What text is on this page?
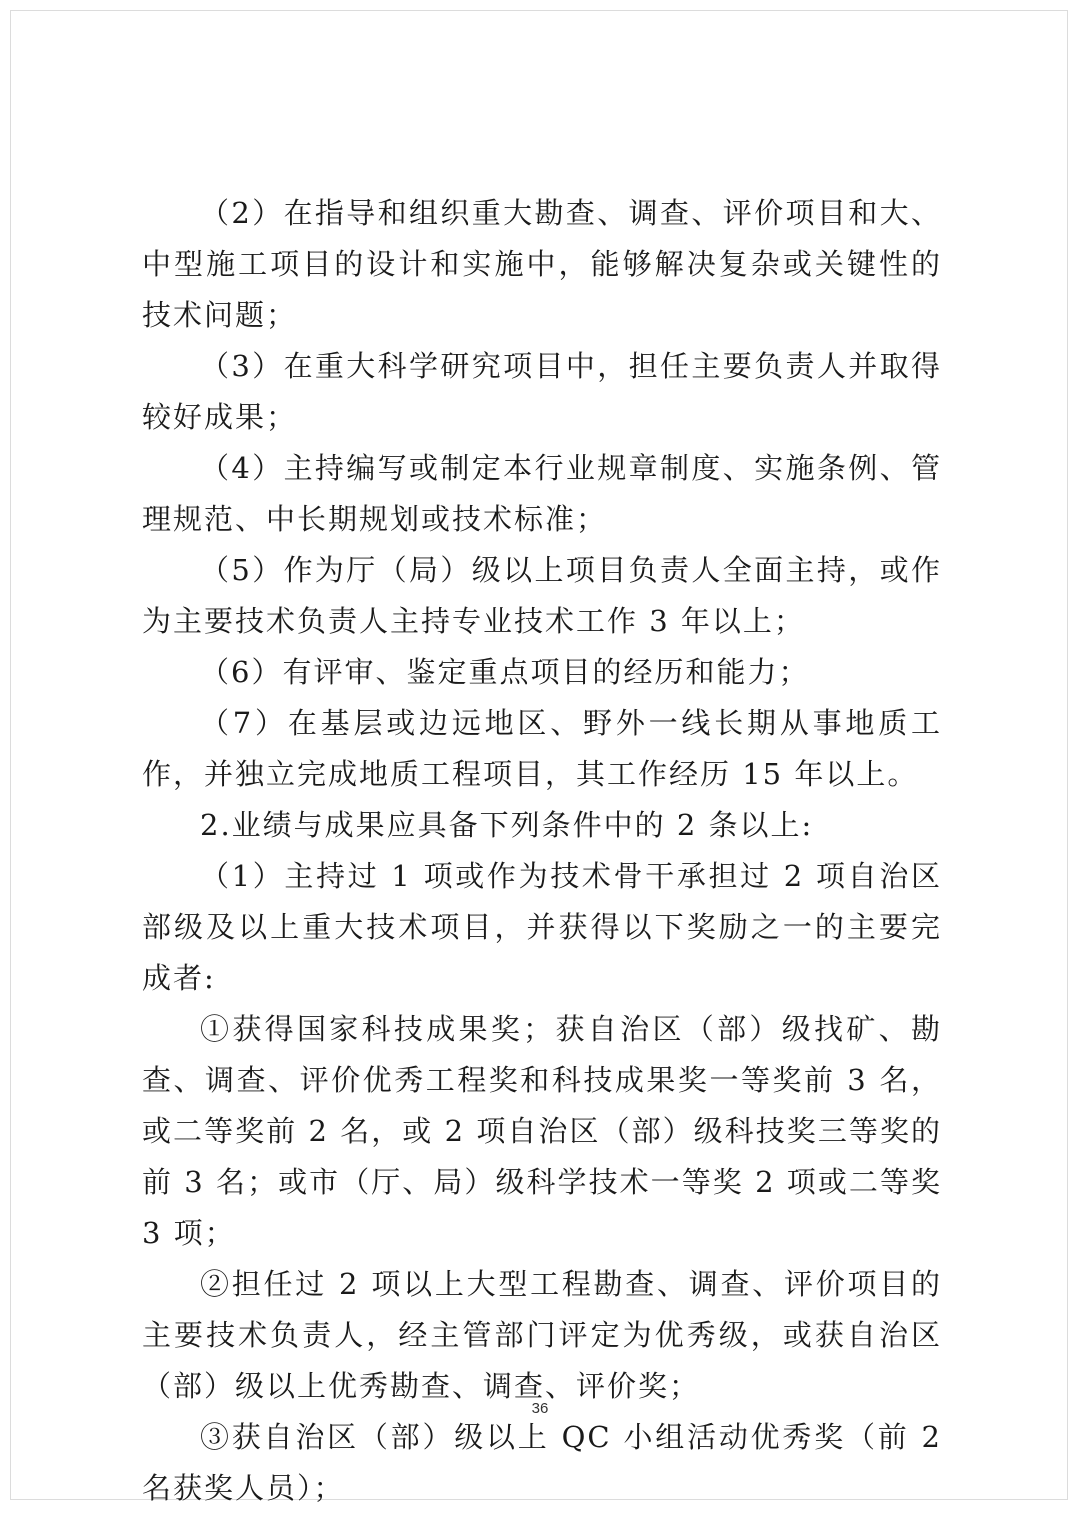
（2）在指导和组织重大勘查、调查、评价项目和大、中型施工项目的设计和实施中，能够解决复杂或关键性的技术问题；

（3）在重大科学研究项目中，担任主要负责人并取得较好成果；

（4）主持编写或制定本行业规章制度、实施条例、管理规范、中长期规划或技术标准；

（5）作为厅（局）级以上项目负责人全面主持，或作为主要技术负责人主持专业技术工作 3 年以上；

（6）有评审、鉴定重点项目的经历和能力；

（7）在基层或边远地区、野外一线长期从事地质工作，并独立完成地质工程项目，其工作经历 15 年以上。

2.业绩与成果应具备下列条件中的 2 条以上:

（1）主持过 1 项或作为技术骨干承担过 2 项自治区部级及以上重大技术项目，并获得以下奖励之一的主要完成者:

①获得国家科技成果奖；获自治区（部）级找矿、勘查、调查、评价优秀工程奖和科技成果奖一等奖前 3 名，或二等奖前 2 名，或 2 项自治区（部）级科技奖三等奖的前 3 名；或市（厅、局）级科学技术一等奖 2 项或二等奖 3 项；

②担任过 2 项以上大型工程勘查、调查、评价项目的主要技术负责人，经主管部门评定为优秀级，或获自治区（部）级以上优秀勘查、调查、评价奖；

③获自治区（部）级以上 QC 小组活动优秀奖（前 2 名获奖人员）；

36
